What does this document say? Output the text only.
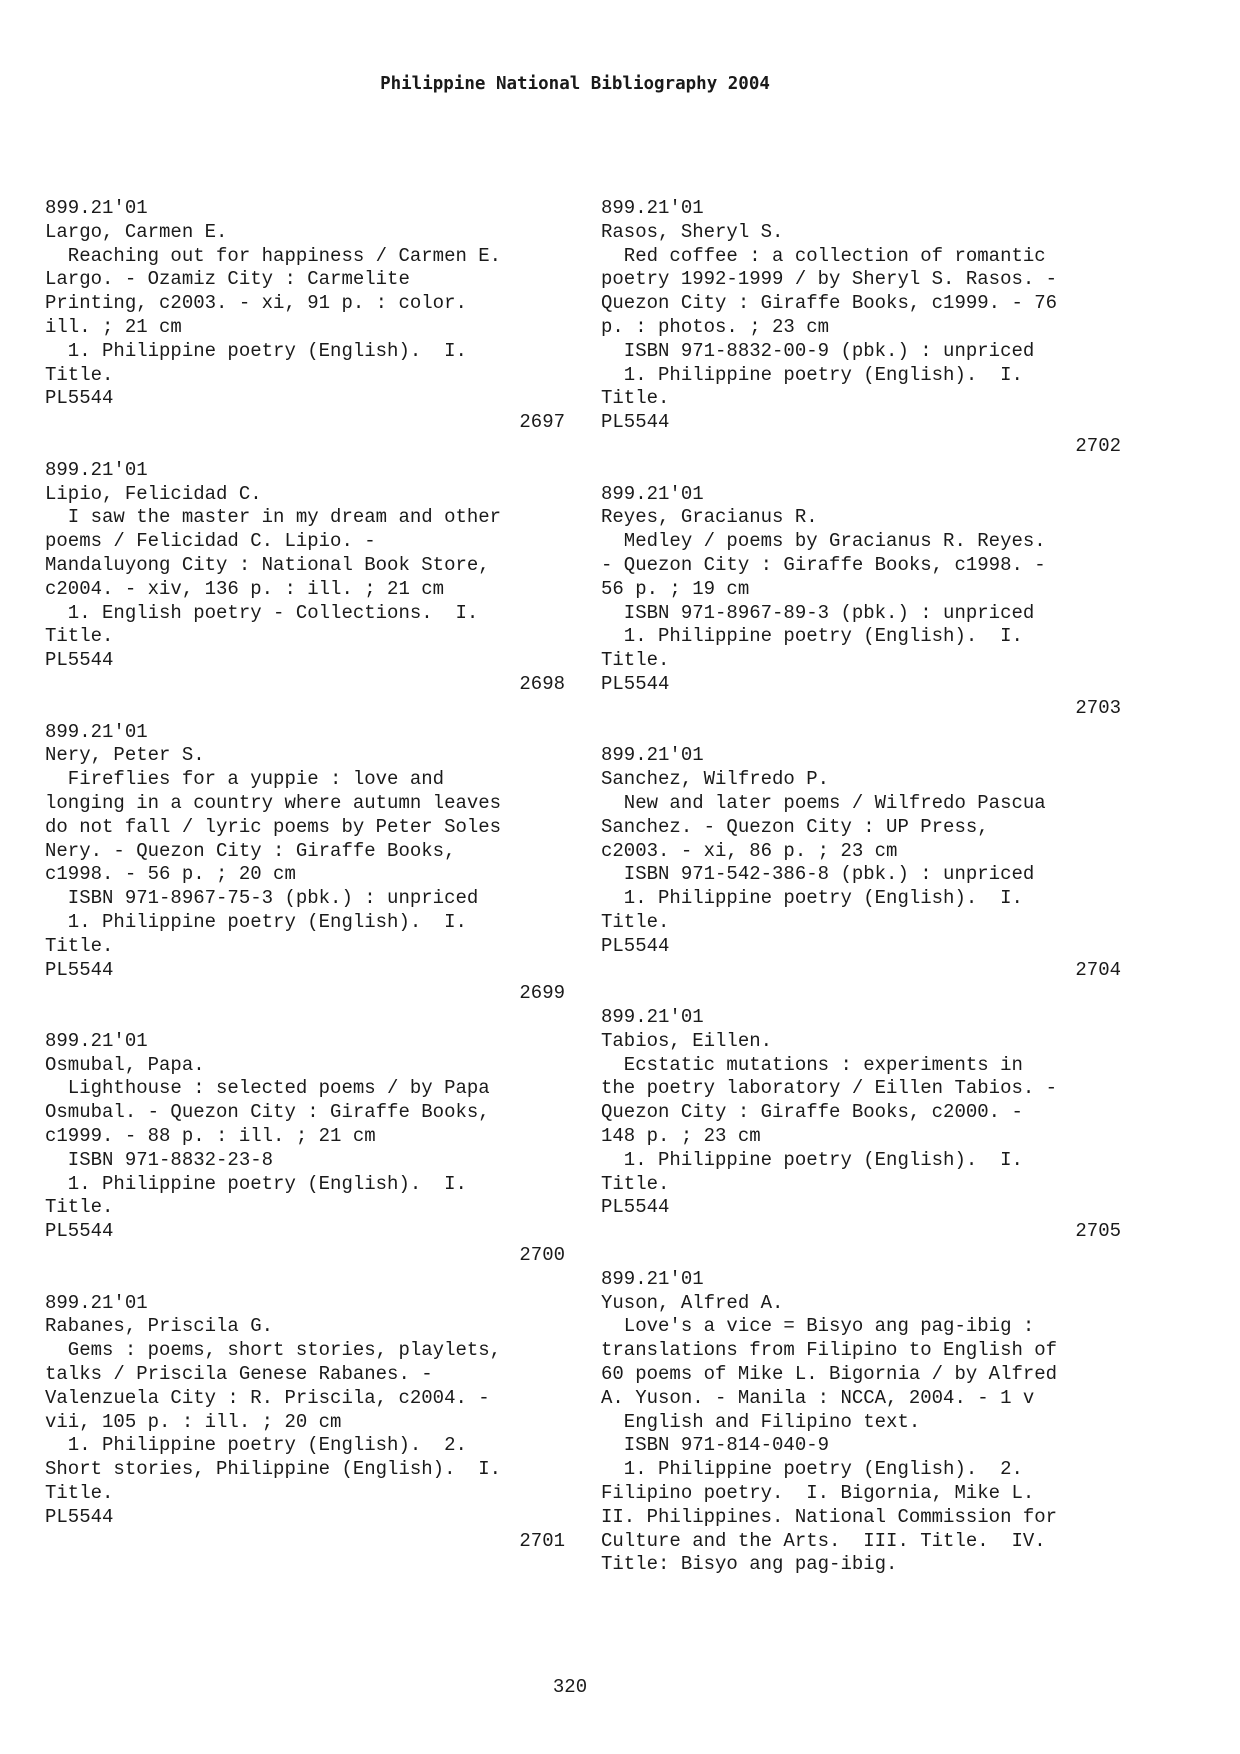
Philippine National Bibliography 2004
899.21'01
Largo, Carmen E.
Reaching out for happiness / Carmen E.
Largo. - Ozamiz City : Carmelite
Printing, c2003. - xi, 91 p. : color.
ill. ; 21 cm
1. Philippine poetry (English).  I.
Title.
PL5544
2697
899.21'01
Lipio, Felicidad C.
I saw the master in my dream and other
poems / Felicidad C. Lipio. -
Mandaluyong City : National Book Store,
c2004. - xiv, 136 p. : ill. ; 21 cm
1. English poetry - Collections.  I.
Title.
PL5544
2698
899.21'01
Nery, Peter S.
Fireflies for a yuppie : love and
longing in a country where autumn leaves
do not fall / lyric poems by Peter Soles
Nery. - Quezon City : Giraffe Books,
c1998. - 56 p. ; 20 cm
ISBN 971-8967-75-3 (pbk.) : unpriced
1. Philippine poetry (English).  I.
Title.
PL5544
2699
899.21'01
Osmubal, Papa.
Lighthouse : selected poems / by Papa
Osmubal. - Quezon City : Giraffe Books,
c1999. - 88 p. : ill. ; 21 cm
ISBN 971-8832-23-8
1. Philippine poetry (English).  I.
Title.
PL5544
2700
899.21'01
Rabanes, Priscila G.
Gems : poems, short stories, playlets,
talks / Priscila Genese Rabanes. -
Valenzuela City : R. Priscila, c2004. -
vii, 105 p. : ill. ; 20 cm
1. Philippine poetry (English).  2.
Short stories, Philippine (English).  I.
Title.
PL5544
2701
899.21'01
Rasos, Sheryl S.
Red coffee : a collection of romantic
poetry 1992-1999 / by Sheryl S. Rasos. -
Quezon City : Giraffe Books, c1999. - 76
p. : photos. ; 23 cm
ISBN 971-8832-00-9 (pbk.) : unpriced
1. Philippine poetry (English).  I.
Title.
PL5544
2702
899.21'01
Reyes, Gracianus R.
Medley / poems by Gracianus R. Reyes.
- Quezon City : Giraffe Books, c1998. -
56 p. ; 19 cm
ISBN 971-8967-89-3 (pbk.) : unpriced
1. Philippine poetry (English).  I.
Title.
PL5544
2703
899.21'01
Sanchez, Wilfredo P.
New and later poems / Wilfredo Pascua
Sanchez. - Quezon City : UP Press,
c2003. - xi, 86 p. ; 23 cm
ISBN 971-542-386-8 (pbk.) : unpriced
1. Philippine poetry (English).  I.
Title.
PL5544
2704
899.21'01
Tabios, Eillen.
Ecstatic mutations : experiments in
the poetry laboratory / Eillen Tabios. -
Quezon City : Giraffe Books, c2000. -
148 p. ; 23 cm
1. Philippine poetry (English).  I.
Title.
PL5544
2705
899.21'01
Yuson, Alfred A.
Love's a vice = Bisyo ang pag-ibig :
translations from Filipino to English of
60 poems of Mike L. Bigornia / by Alfred
A. Yuson. - Manila : NCCA, 2004. - 1 v
English and Filipino text.
ISBN 971-814-040-9
1. Philippine poetry (English).  2.
Filipino poetry.  I. Bigornia, Mike L.
II. Philippines. National Commission for
Culture and the Arts.  III. Title.  IV.
Title: Bisyo ang pag-ibig.
320
